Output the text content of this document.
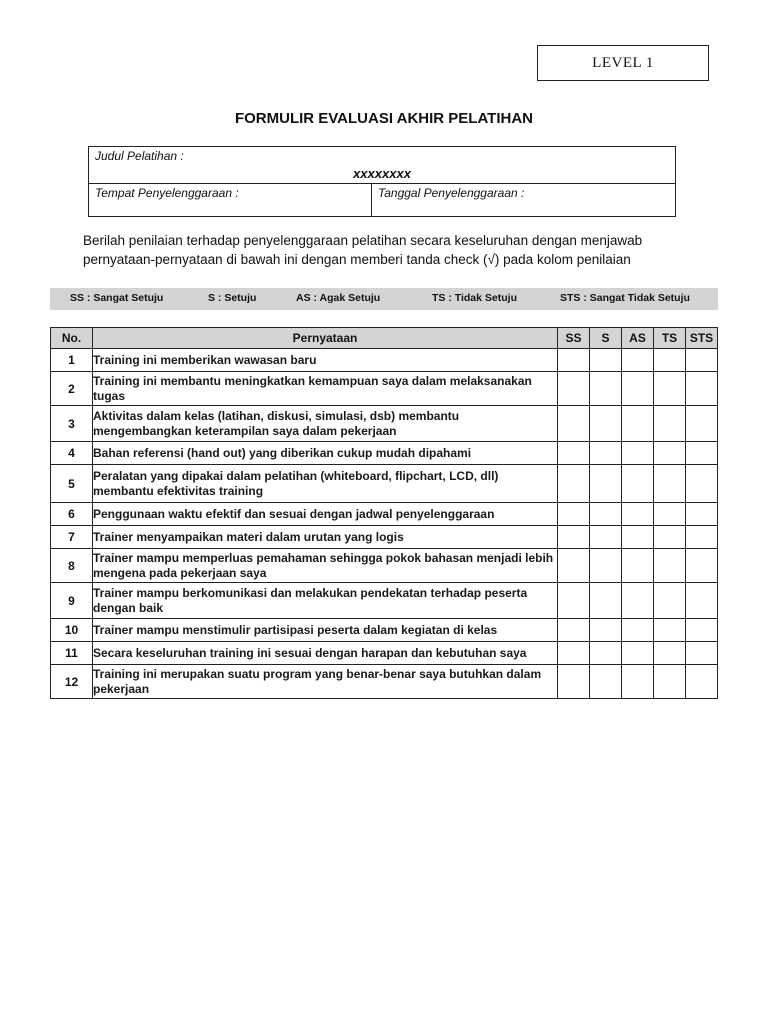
LEVEL 1
FORMULIR EVALUASI AKHIR PELATIHAN
Judul Pelatihan :
xxxxxxxx
Tempat Penyelenggaraan :	Tanggal Penyelenggaraan :
Berilah penilaian terhadap penyelenggaraan pelatihan secara keseluruhan dengan menjawab pernyataan-pernyataan di bawah ini dengan memberi tanda check (√) pada kolom penilaian
SS : Sangat Setuju	S : Setuju	AS : Agak Setuju	TS : Tidak Setuju	STS : Sangat Tidak Setuju
No.	Pernyataan	SS	S	AS	TS	STS
1	Training ini memberikan wawasan baru					
2	Training ini membantu meningkatkan kemampuan saya dalam melaksanakan tugas					
3	Aktivitas dalam kelas (latihan, diskusi, simulasi, dsb) membantu mengembangkan keterampilan saya dalam pekerjaan					
4	Bahan referensi (hand out) yang diberikan cukup mudah dipahami					
5	Peralatan yang dipakai dalam pelatihan (whiteboard, flipchart, LCD, dll) membantu efektivitas training					
6	Penggunaan waktu efektif dan sesuai dengan jadwal penyelenggaraan					
7	Trainer menyampaikan materi dalam urutan yang logis					
8	Trainer mampu memperluas pemahaman sehingga pokok bahasan menjadi lebih mengena pada pekerjaan saya					
9	Trainer mampu berkomunikasi dan melakukan pendekatan terhadap peserta dengan baik					
10	Trainer mampu menstimulir partisipasi peserta dalam kegiatan di kelas					
11	Secara keseluruhan training ini sesuai dengan harapan dan kebutuhan saya					
12	Training ini merupakan suatu program yang benar-benar saya butuhkan dalam pekerjaan					
